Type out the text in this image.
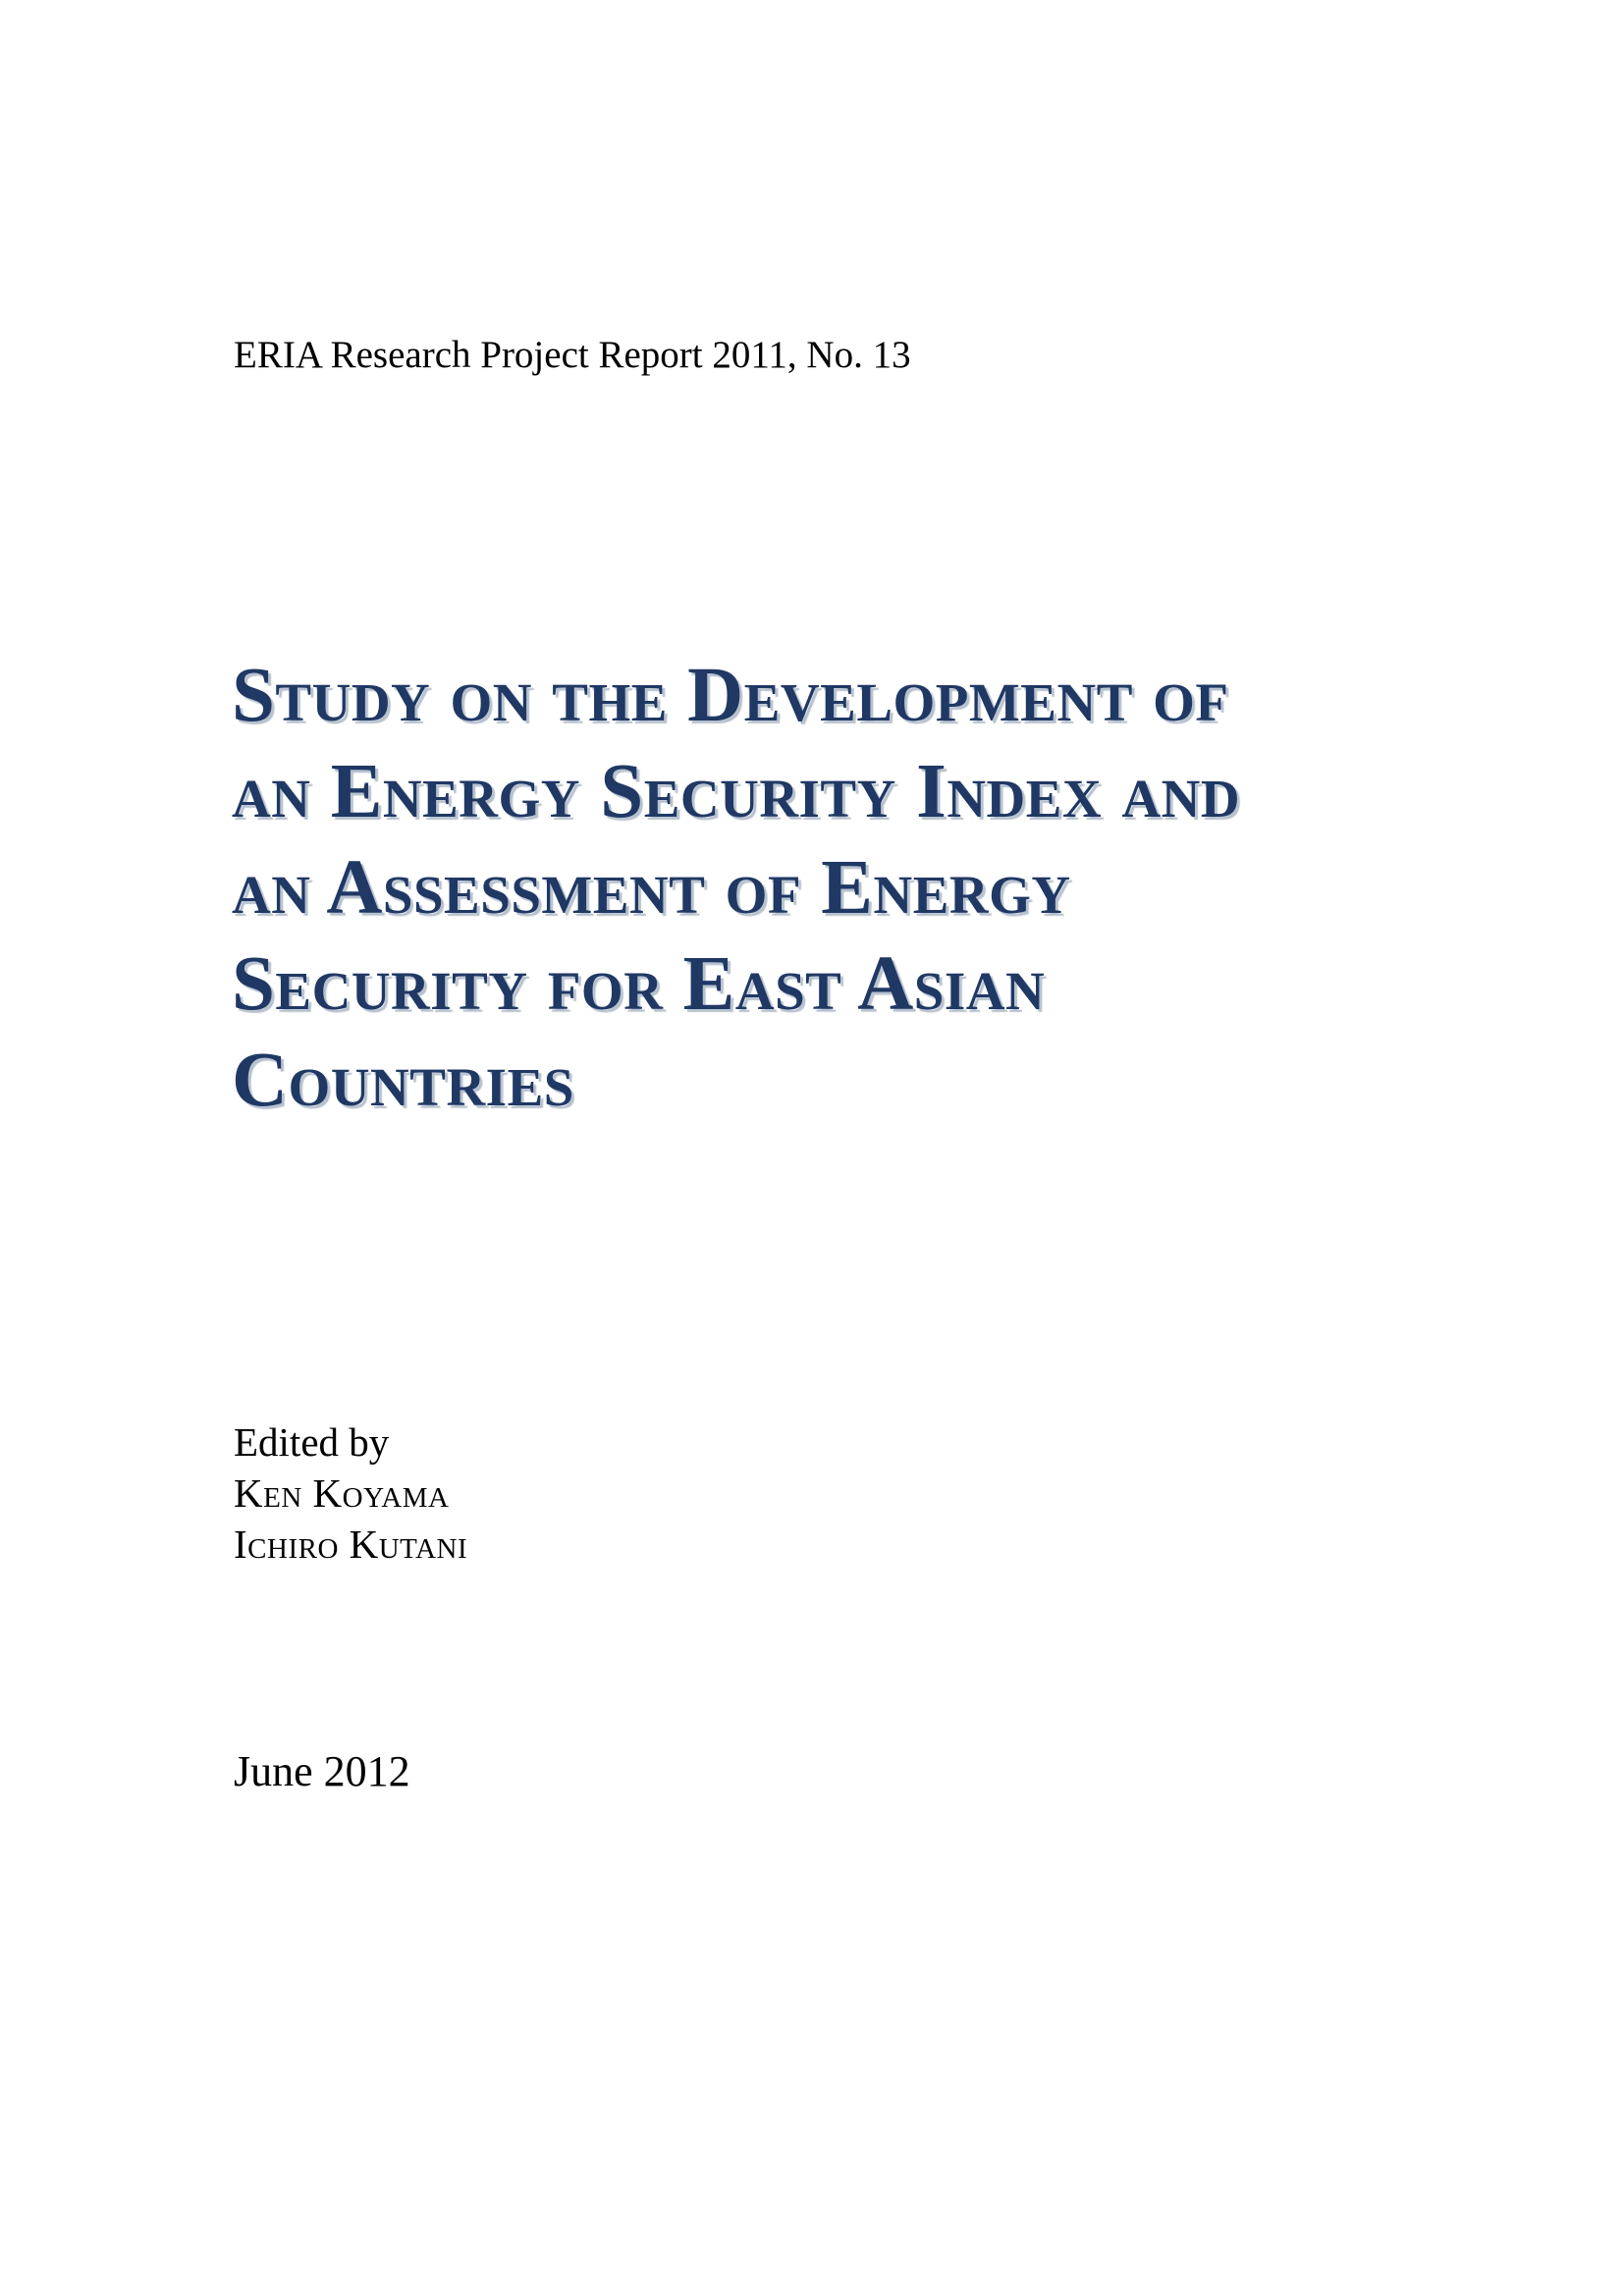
ERIA Research Project Report 2011, No. 13
Study on the Development of
an Energy Security Index and
an Assessment of Energy
Security for East Asian
Countries
Edited by
Ken Koyama
Ichiro Kutani
June 2012
